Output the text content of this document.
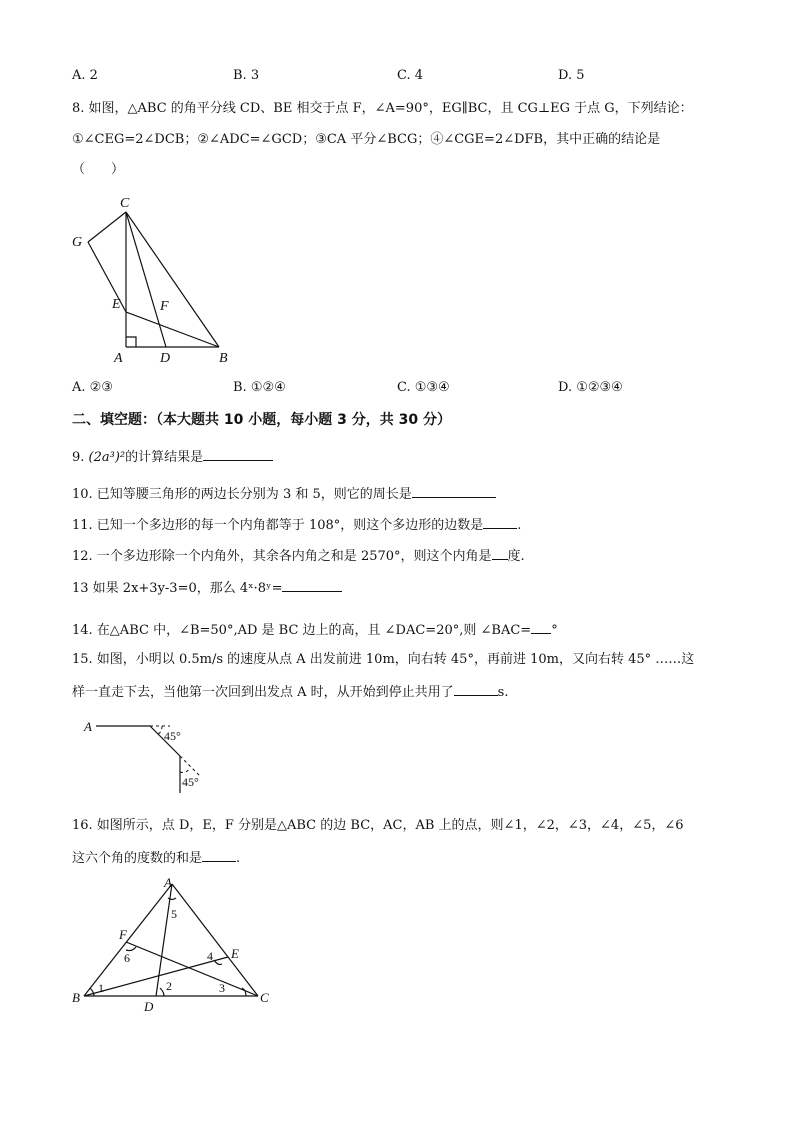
A. 2	B. 3	C. 4	D. 5
8. 如图，△ABC 的角平分线 CD、BE 相交于点 F，∠A=90°，EG∥BC，且 CG⊥EG 于点 G，下列结论：
①∠CEG=2∠DCB；②∠ADC=∠GCD；③CA 平分∠BCG；④∠CGE=2∠DFB，其中正确的结论是
（　　）
C
G
E	F
A	D	B
A. ②③	B. ①②④	C. ①③④	D. ①②③④
二、填空题：（本大题共 10 小题，每小题 3 分，共 30 分）
9. (2a³)²的计算结果是
10. 已知等腰三角形的两边长分别为 3 和 5，则它的周长是
11. 已知一个多边形的每一个内角都等于 108°，则这个多边形的边数是	.
12. 一个多边形除一个内角外，其余各内角之和是 2570°，则这个内角是 度.
13 如果 2x+3y-3=0，那么 4ˣ·8ʸ=
14. 在△ABC 中，∠B=50°,AD 是 BC 边上的高，且 ∠DAC=20°,则 ∠BAC= °
15. 如图，小明以 0.5m/s 的速度从点 A 出发前进 10m，向右转 45°，再前进 10m，又向右转 45° ……这
样一直走下去，当他第一次回到出发点 A 时，从开始到停止共用了	s.
A
45°
45°
16. 如图所示，点 D，E，F 分别是△ABC 的边 BC，AC，AB 上的点，则∠1，∠2，∠3，∠4，∠5，∠6
这六个角的度数的和是	.
A
B	C
D
E
F
1	2	3
4
5
6
